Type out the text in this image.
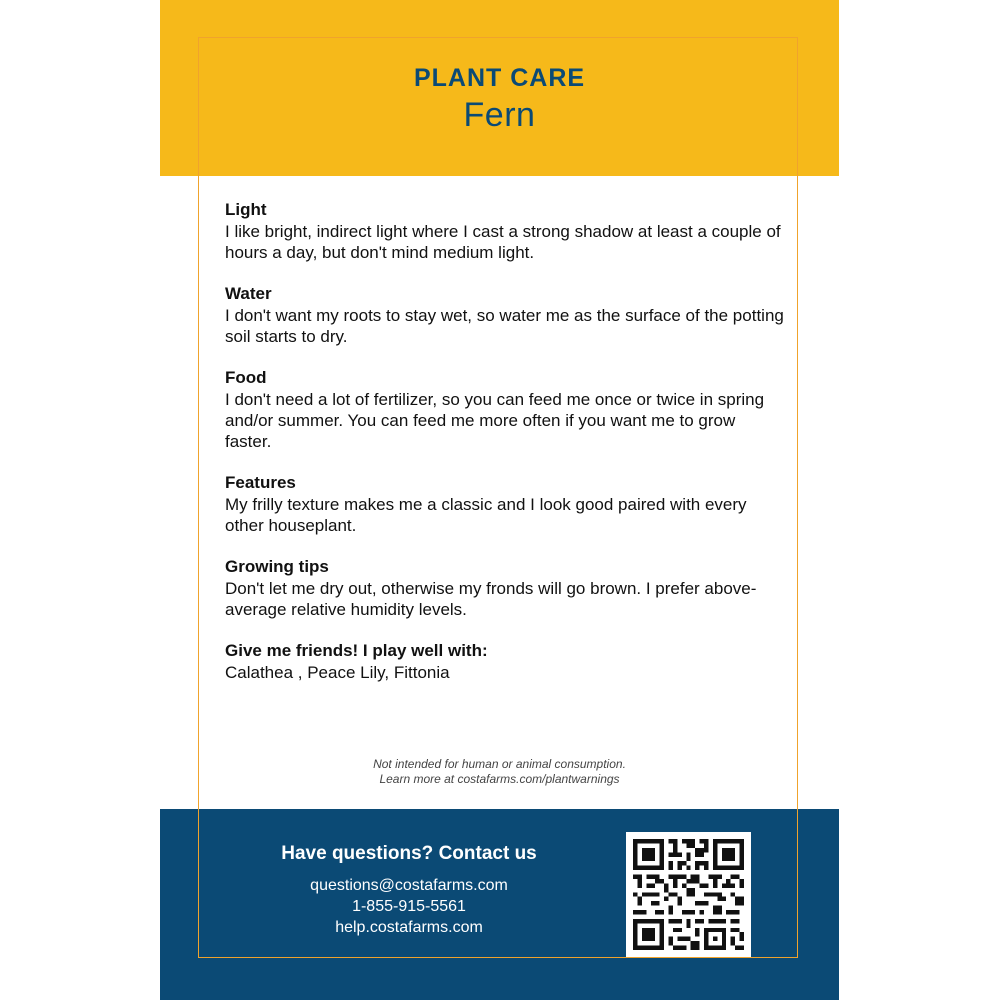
PLANT CARE
Fern
Light

I like bright, indirect light where I cast a strong shadow at least a couple of hours a day, but don't mind medium light.

Water

I don't want my roots to stay wet, so water me as the surface of the potting soil starts to dry.

Food

I don't need a lot of fertilizer, so you can feed me once or twice in spring and/or summer. You can feed me more often if you want me to grow faster.

Features

My frilly texture makes me a classic and I look good paired with every other houseplant.

Growing tips

Don't let me dry out, otherwise my fronds will go brown. I prefer above-average relative humidity levels.

Give me friends! I play well with:

Calathea , Peace Lily, Fittonia

Not intended for human or animal consumption.
Learn more at costafarms.com/plantwarnings
Have questions? Contact us
questions@costafarms.com
1-855-915-5561
help.costafarms.com
